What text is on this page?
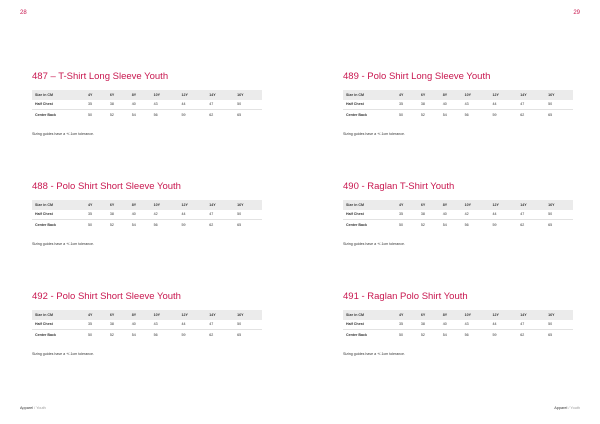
28	29
487 – T-Shirt Long Sleeve Youth
Size in CM	4Y	6Y	8Y	10Y	12Y	14Y	16Y
Half Chest	35	38	40	43	44	47	50
Center Back	50	52	54	56	59	62	65
Sizing guides have a +/-1cm tolerance.
489 - Polo Shirt Long Sleeve Youth
Size in CM	4Y	6Y	8Y	10Y	12Y	14Y	16Y
Half Chest	35	38	40	43	44	47	50
Center Back	50	52	54	56	59	62	65
Sizing guides have a +/-1cm tolerance.
488 - Polo Shirt Short Sleeve Youth
Size in CM	4Y	6Y	8Y	10Y	12Y	14Y	16Y
Half Chest	35	38	40	42	44	47	50
Center Back	50	52	54	56	59	62	65
Sizing guides have a +/-1cm tolerance.
490 - Raglan T-Shirt Youth
Size in CM	4Y	6Y	8Y	10Y	12Y	14Y	16Y
Half Chest	35	38	40	42	44	47	50
Center Back	50	52	54	56	59	62	65
Sizing guides have a +/-1cm tolerance.
492 - Polo Shirt Short Sleeve Youth
Size in CM	4Y	6Y	8Y	10Y	12Y	14Y	16Y
Half Chest	35	38	40	43	44	47	50
Center Back	50	52	54	56	59	62	65
Sizing guides have a +/-1cm tolerance.
491 - Raglan Polo Shirt Youth
Size in CM	4Y	6Y	8Y	10Y	12Y	14Y	16Y
Half Chest	35	38	40	43	44	47	50
Center Back	50	52	54	56	59	62	65
Sizing guides have a +/-1cm tolerance.
Apparel / Youth	Apparel / Youth
